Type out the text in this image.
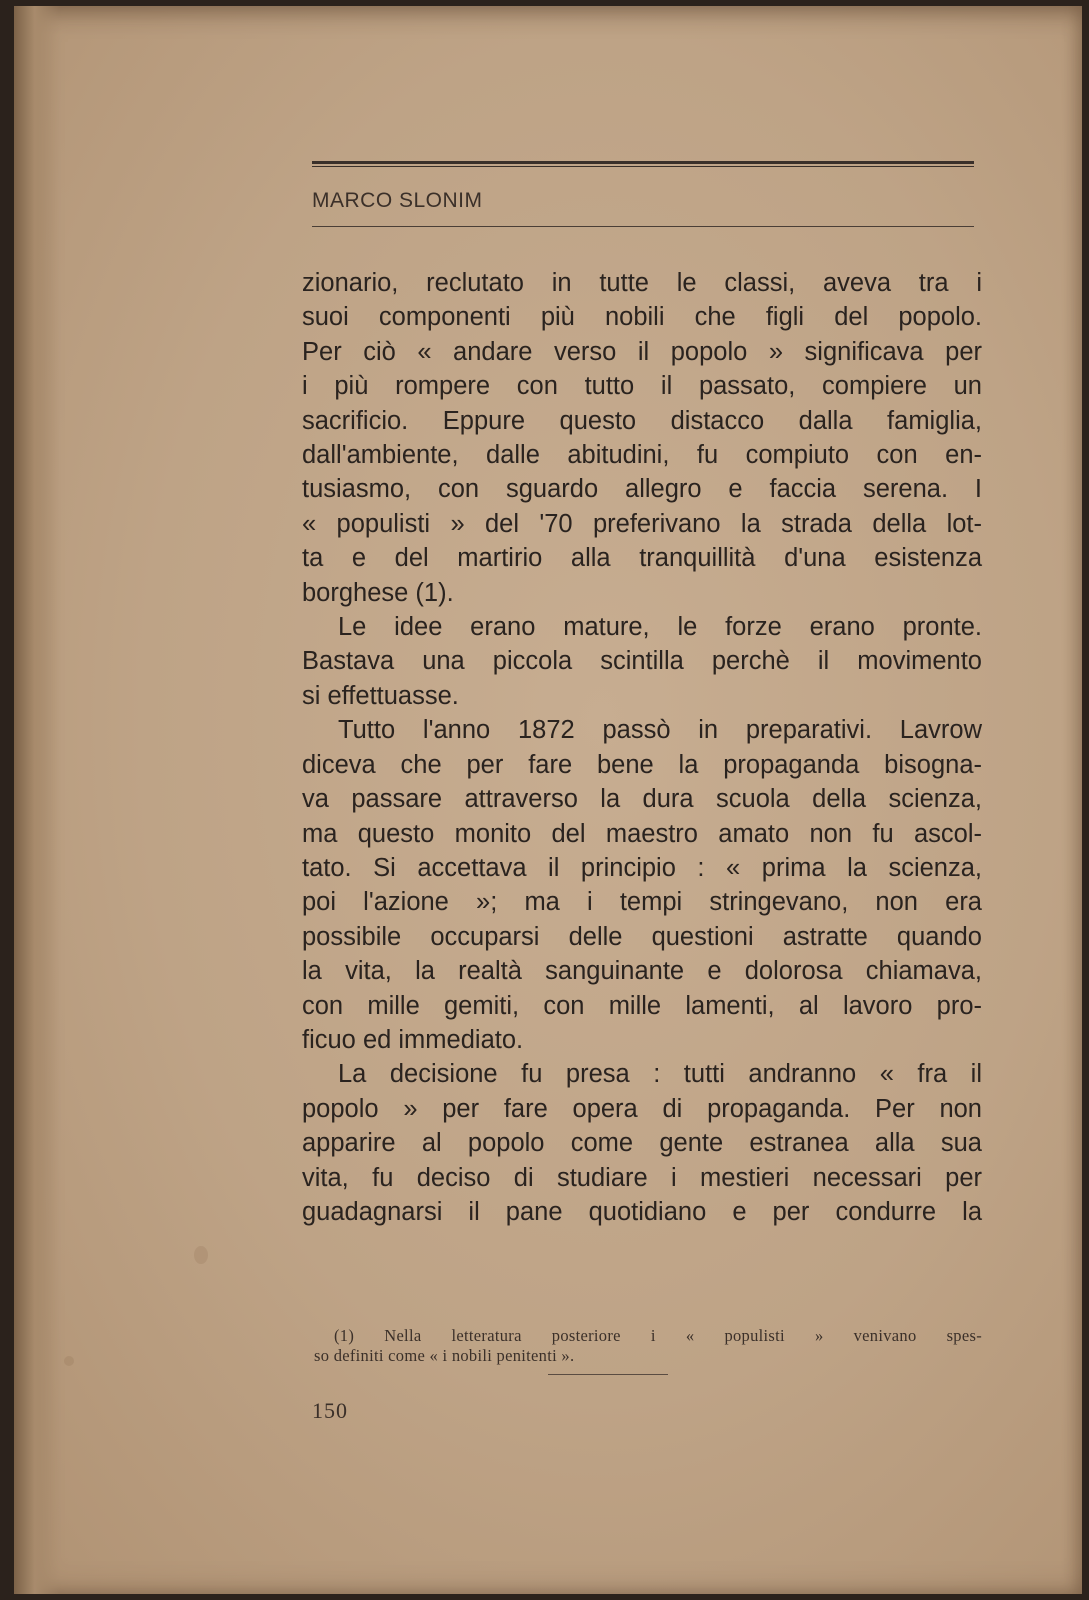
MARCO SLONIM
zionario, reclutato in tutte le classi, aveva tra i
suoi componenti più nobili che figli del popolo.
Per ciò « andare verso il popolo » significava per
i più rompere con tutto il passato, compiere un
sacrificio. Eppure questo distacco dalla famiglia,
dall'ambiente, dalle abitudini, fu compiuto con en-
tusiasmo, con sguardo allegro e faccia serena. I
« populisti » del '70 preferivano la strada della lot-
ta e del martirio alla tranquillità d'una esistenza
borghese (1).
Le idee erano mature, le forze erano pronte.
Bastava una piccola scintilla perchè il movimento
si effettuasse.
Tutto l'anno 1872 passò in preparativi. Lavrow
diceva che per fare bene la propaganda bisogna-
va passare attraverso la dura scuola della scienza,
ma questo monito del maestro amato non fu ascol-
tato. Si accettava il principio : « prima la scienza,
poi l'azione »; ma i tempi stringevano, non era
possibile occuparsi delle questioni astratte quando
la vita, la realtà sanguinante e dolorosa chiamava,
con mille gemiti, con mille lamenti, al lavoro pro-
ficuo ed immediato.
La decisione fu presa : tutti andranno « fra il
popolo » per fare opera di propaganda. Per non
apparire al popolo come gente estranea alla sua
vita, fu deciso di studiare i mestieri necessari per
guadagnarsi il pane quotidiano e per condurre la
(1) Nella letteratura posteriore i « populisti » venivano spes-
so definiti come « i nobili penitenti ».
150
